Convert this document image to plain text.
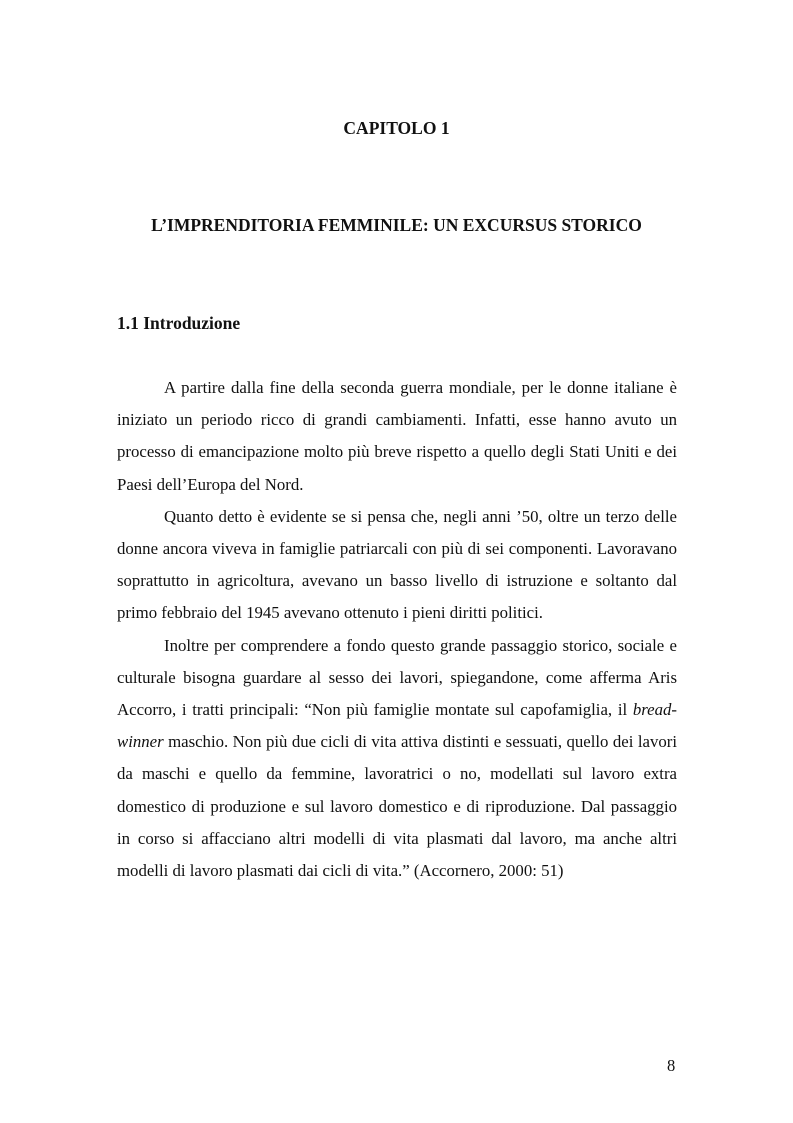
CAPITOLO 1
L’IMPRENDITORIA FEMMINILE: UN EXCURSUS STORICO
1.1 Introduzione

A partire dalla fine della seconda guerra mondiale, per le donne italiane è iniziato un periodo ricco di grandi cambiamenti. Infatti, esse hanno avuto un processo di emancipazione molto più breve rispetto a quello degli Stati Uniti e dei Paesi dell’Europa del Nord.

Quanto detto è evidente se si pensa che, negli anni ’50, oltre un terzo delle donne ancora viveva in famiglie patriarcali con più di sei componenti. Lavoravano soprattutto in agricoltura, avevano un basso livello di istruzione e soltanto dal primo febbraio del 1945 avevano ottenuto i pieni diritti politici.

Inoltre per comprendere a fondo questo grande passaggio storico, sociale e culturale bisogna guardare al sesso dei lavori, spiegandone, come afferma Aris Accorro, i tratti principali: “Non più famiglie montate sul capofamiglia, il bread-winner maschio. Non più due cicli di vita attiva distinti e sessuati, quello dei lavori da maschi e quello da femmine, lavoratrici o no, modellati sul lavoro extra domestico di produzione e sul lavoro domestico e di riproduzione. Dal passaggio in corso si affacciano altri modelli di vita plasmati dal lavoro, ma anche altri modelli di lavoro plasmati dai cicli di vita.” (Accornero, 2000: 51)

8
